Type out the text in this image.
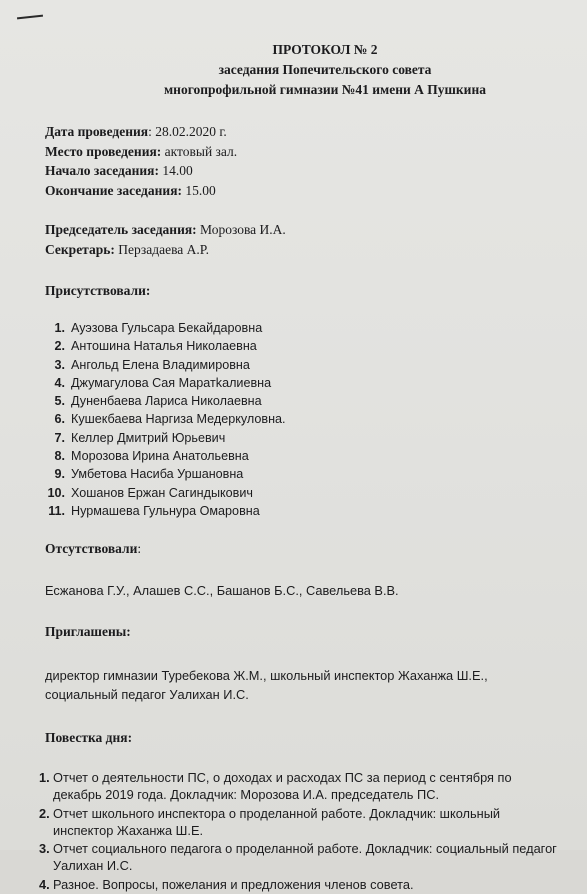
ПРОТОКОЛ № 2
заседания Попечительского совета
многопрофильной гимназии №41 имени А Пушкина
Дата проведения: 28.02.2020 г.
Место проведения: актовый зал.
Начало заседания: 14.00
Окончание заседания: 15.00
Председатель заседания: Морозова И.А.
Секретарь: Перзадаева А.Р.
Присутствовали:
1. Ауэзова Гульсара Бекайдаровна
2. Антошина Наталья Николаевна
3. Ангольд Елена Владимировна
4. Джумагулова Сая Маратkaлиевна
5. Дуненбаева Лариса Николаевна
6. Кушекбаева Наргиза Медеркуловна.
7. Келлер Дмитрий Юрьевич
8. Морозова Ирина Анатольевна
9. Умбетова Насиба Уршановна
10. Хошанов Ержан Сагиндыкович
11. Нурмашева Гульнура Омаровна
Отсутствовали:
Есжанова Г.У., Алашев С.С., Башанов Б.С., Савельева В.В.
Приглашены:
директор гимназии Туребекова Ж.М., школьный инспектор Жаханжа Ш.Е., социальный педагог Уалихан И.С.
Повестка дня:
1. Отчет о деятельности ПС, о доходах и расходах ПС за период с сентября по декабрь 2019 года. Докладчик: Морозова И.А. председатель ПС.
2. Отчет школьного инспектора о проделанной работе. Докладчик: школьный инспектор Жаханжа Ш.Е.
3. Отчет социального педагога о проделанной работе. Докладчик: социальный педагог Уалихан И.С.
4. Разное. Вопросы, пожелания и предложения членов совета.
